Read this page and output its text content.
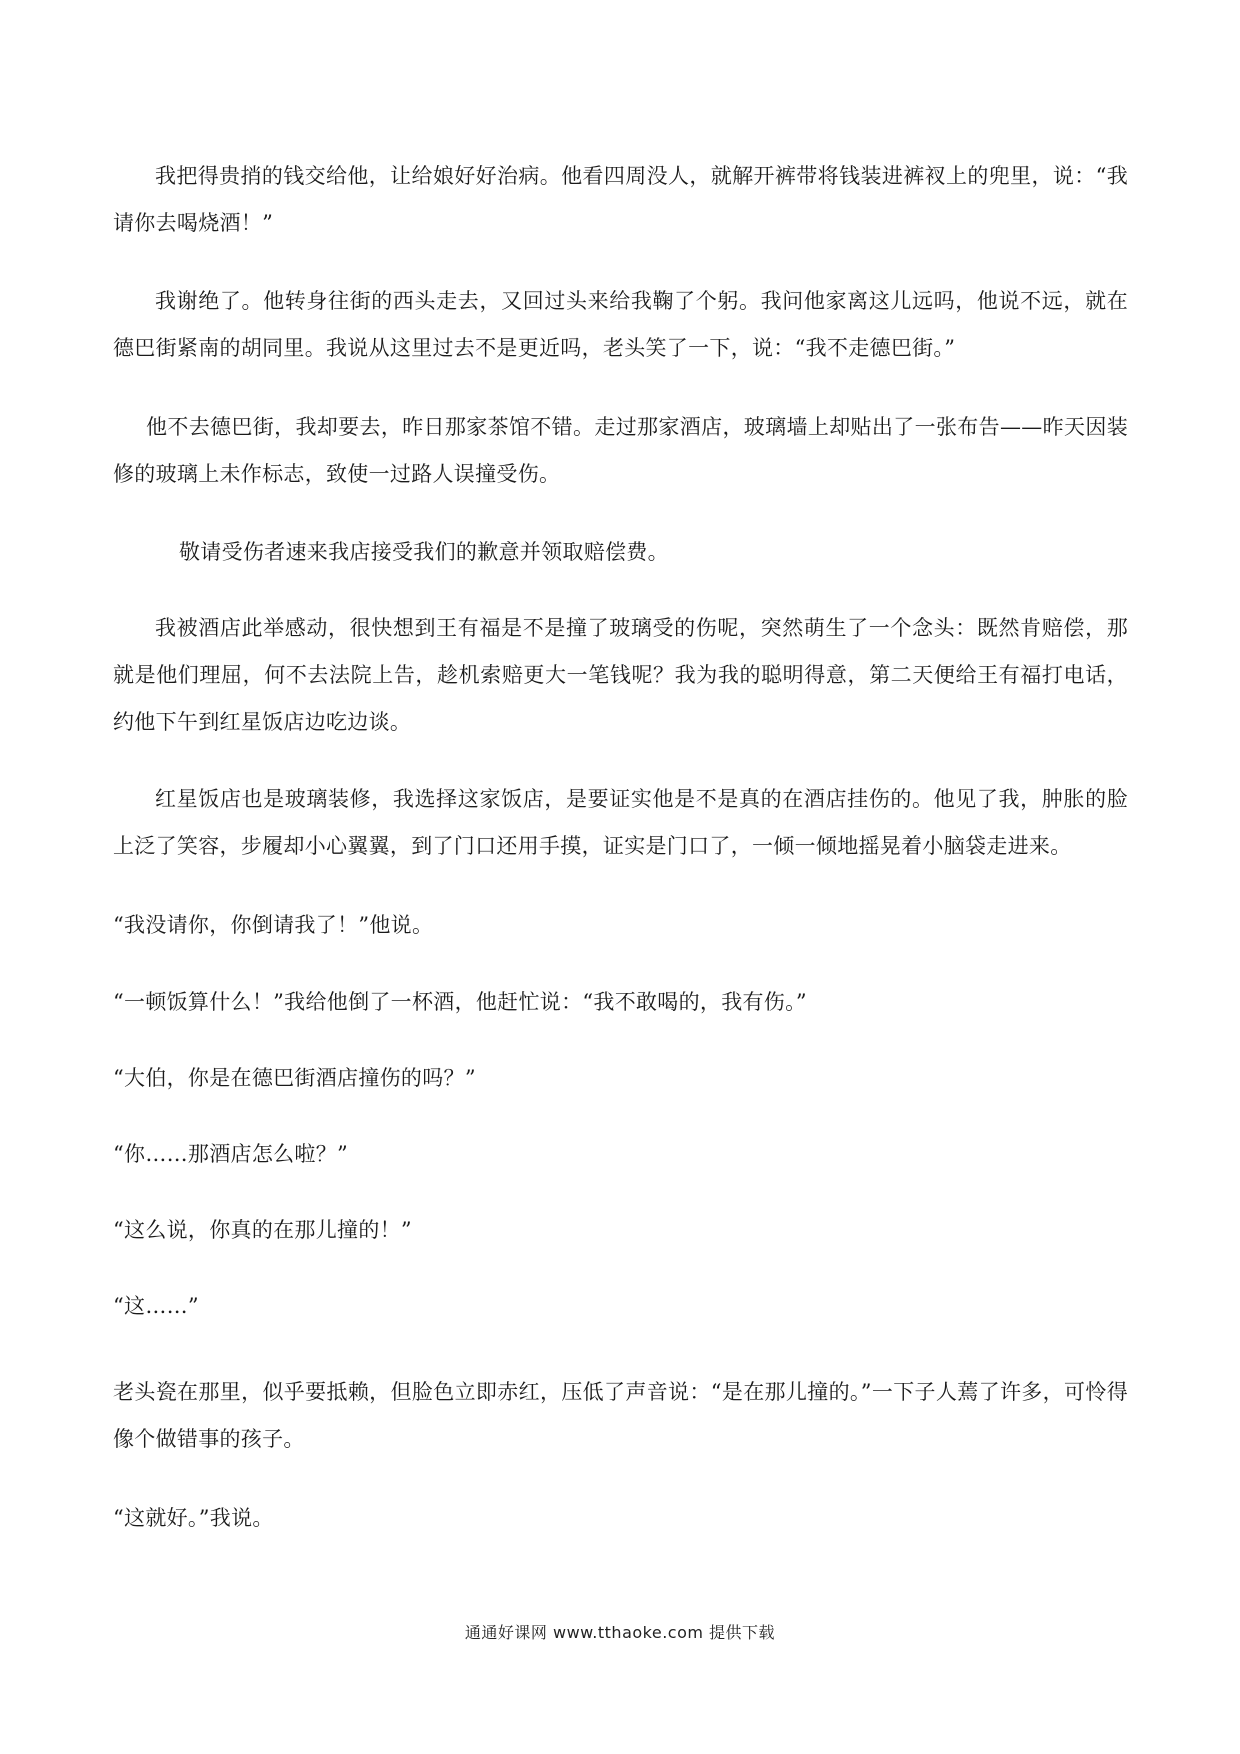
我把得贵捎的钱交给他，让给娘好好治病。他看四周没人，就解开裤带将钱装进裤衩上的兜里，说：“我请你去喝烧酒！”

我谢绝了。他转身往街的西头走去，又回过头来给我鞠了个躬。我问他家离这儿远吗，他说不远，就在德巴街紧南的胡同里。我说从这里过去不是更近吗，老头笑了一下，说：“我不走德巴街。”

他不去德巴街，我却要去，昨日那家茶馆不错。走过那家酒店，玻璃墙上却贴出了一张布告——昨天因装修的玻璃上未作标志，致使一过路人误撞受伤。

敬请受伤者速来我店接受我们的歉意并领取赔偿费。

我被酒店此举感动，很快想到王有福是不是撞了玻璃受的伤呢，突然萌生了一个念头：既然肯赔偿，那就是他们理屈，何不去法院上告，趁机索赔更大一笔钱呢？我为我的聪明得意，第二天便给王有福打电话，约他下午到红星饭店边吃边谈。

红星饭店也是玻璃装修，我选择这家饭店，是要证实他是不是真的在酒店挂伤的。他见了我，肿胀的脸上泛了笑容，步履却小心翼翼，到了门口还用手摸，证实是门口了，一倾一倾地摇晃着小脑袋走进来。

“我没请你，你倒请我了！”他说。

“一顿饭算什么！”我给他倒了一杯酒，他赶忙说：“我不敢喝的，我有伤。”

“大伯，你是在德巴街酒店撞伤的吗？”

“你……那酒店怎么啦？”

“这么说，你真的在那儿撞的！”

“这……”

老头瓷在那里，似乎要抵赖，但脸色立即赤红，压低了声音说：“是在那儿撞的。”一下子人蔫了许多，可怜得像个做错事的孩子。

“这就好。”我说。

通通好课网 www.tthaoke.com 提供下载
